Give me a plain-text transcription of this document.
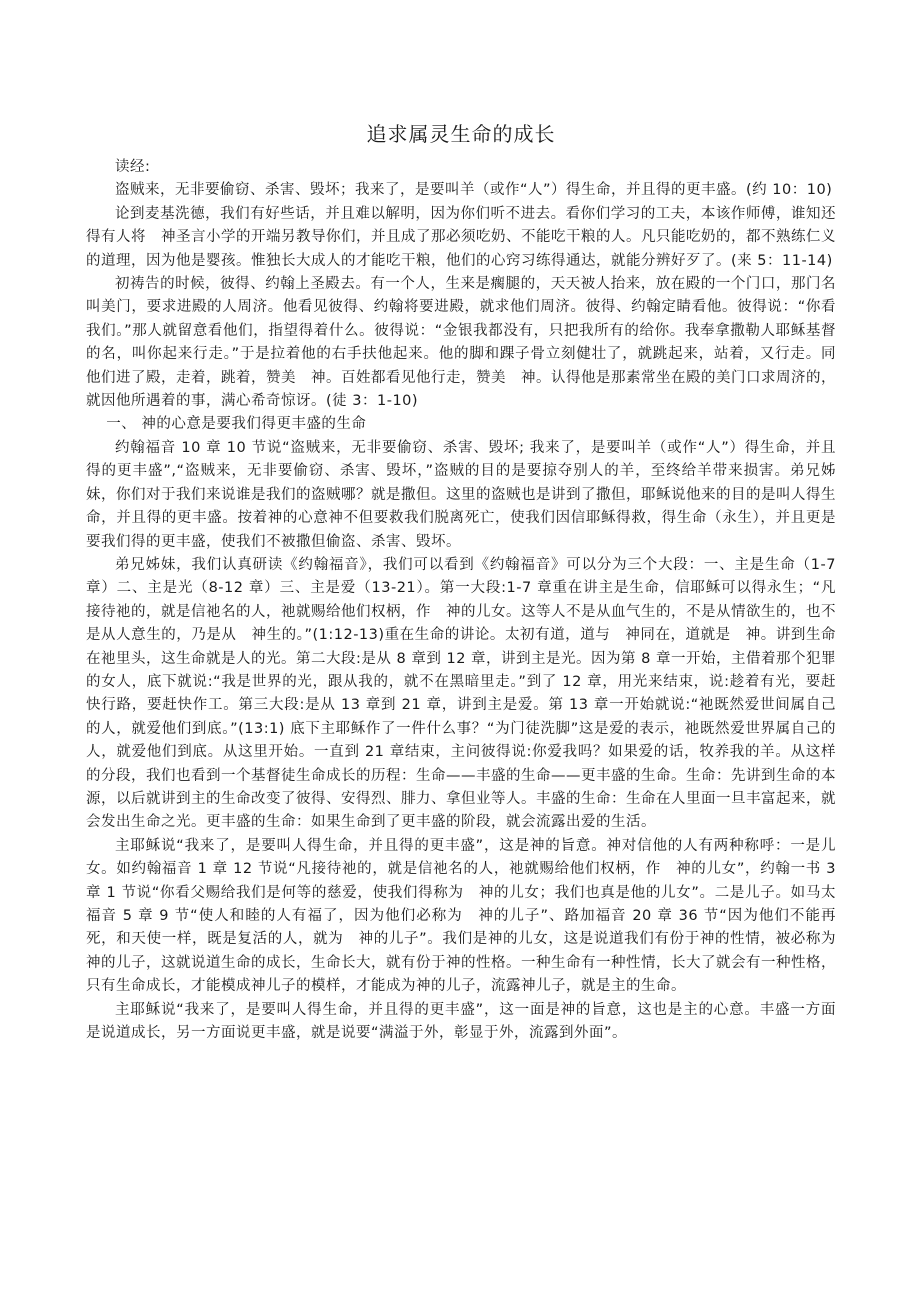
追求属灵生命的成长

读经:

盗贼来，无非要偷窃、杀害、毁坏；我来了，是要叫羊（或作“人”）得生命，并且得的更丰盛。(约 10：10)

论到麦基洗德，我们有好些话，并且难以解明，因为你们听不进去。看你们学习的工夫，本该作师傅，谁知还得有人将　神圣言小学的开端另教导你们，并且成了那必须吃奶、不能吃干粮的人。凡只能吃奶的，都不熟练仁义的道理，因为他是婴孩。惟独长大成人的才能吃干粮，他们的心窍习练得通达，就能分辨好歹了。(来 5：11-14)

初祷告的时候，彼得、约翰上圣殿去。有一个人，生来是瘸腿的，天天被人抬来，放在殿的一个门口，那门名叫美门，要求进殿的人周济。他看见彼得、约翰将要进殿，就求他们周济。彼得、约翰定睛看他。彼得说：“你看我们。”那人就留意看他们，指望得着什么。彼得说：“金银我都没有，只把我所有的给你。我奉拿撒勒人耶稣基督的名，叫你起来行走。”于是拉着他的右手扶他起来。他的脚和踝子骨立刻健壮了，就跳起来，站着，又行走。同他们进了殿，走着，跳着，赞美　神。百姓都看见他行走，赞美　神。认得他是那素常坐在殿的美门口求周济的，就因他所遇着的事，满心希奇惊讶。(徒 3：1-10)

一、 神的心意是要我们得更丰盛的生命

约翰福音 10 章 10 节说“盗贼来，无非要偷窃、杀害、毁坏; 我来了，是要叫羊（或作“人”）得生命，并且得的更丰盛”,“盗贼来，无非要偷窃、杀害、毁坏，”盗贼的目的是要掠夺别人的羊，至终给羊带来损害。弟兄姊妹，你们对于我们来说谁是我们的盗贼哪？就是撒但。这里的盗贼也是讲到了撒但，耶稣说他来的目的是叫人得生命，并且得的更丰盛。按着神的心意神不但要救我们脱离死亡，使我们因信耶稣得救，得生命（永生），并且更是要我们得的更丰盛，使我们不被撒但偷盗、杀害、毁坏。

弟兄姊妹，我们认真研读《约翰福音》，我们可以看到《约翰福音》可以分为三个大段：一、主是生命（1-7 章）二、主是光（8-12 章）三、主是爱（13-21）。第一大段:1-7 章重在讲主是生命，信耶稣可以得永生；“凡接待祂的，就是信祂名的人，祂就赐给他们权柄，作　神的儿女。这等人不是从血气生的，不是从情欲生的，也不是从人意生的，乃是从　神生的。”(1:12-13)重在生命的讲论。太初有道，道与　神同在，道就是　神。讲到生命在祂里头，这生命就是人的光。第二大段:是从 8 章到 12 章，讲到主是光。因为第 8 章一开始，主借着那个犯罪的女人，底下就说:“我是世界的光，跟从我的，就不在黑暗里走。”到了 12 章，用光来结束，说:趁着有光，要赶快行路，要赶快作工。第三大段:是从 13 章到 21 章，讲到主是爱。第 13 章一开始就说:“祂既然爱世间属自己的人，就爱他们到底。”(13:1) 底下主耶稣作了一件什么事？“为门徒洗脚”这是爱的表示，祂既然爱世界属自己的人，就爱他们到底。从这里开始。一直到 21 章结束，主问彼得说:你爱我吗？如果爱的话，牧养我的羊。从这样的分段，我们也看到一个基督徒生命成长的历程：生命——丰盛的生命——更丰盛的生命。生命：先讲到生命的本源，以后就讲到主的生命改变了彼得、安得烈、腓力、拿但业等人。丰盛的生命：生命在人里面一旦丰富起来，就会发出生命之光。更丰盛的生命：如果生命到了更丰盛的阶段，就会流露出爱的生活。

主耶稣说“我来了，是要叫人得生命，并且得的更丰盛”，这是神的旨意。神对信他的人有两种称呼：一是儿女。如约翰福音 1 章 12 节说“凡接待祂的，就是信祂名的人，祂就赐给他们权柄，作　神的儿女”，约翰一书 3 章 1 节说“你看父赐给我们是何等的慈爱，使我们得称为　神的儿女；我们也真是他的儿女”。二是儿子。如马太福音 5 章 9 节“使人和睦的人有福了，因为他们必称为　神的儿子”、路加福音 20 章 36 节“因为他们不能再死，和天使一样，既是复活的人，就为　神的儿子”。我们是神的儿女，这是说道我们有份于神的性情，被必称为　神的儿子，这就说道生命的成长，生命长大，就有份于神的性格。一种生命有一种性情，长大了就会有一种性格，只有生命成长，才能模成神儿子的模样，才能成为神的儿子，流露神儿子，就是主的生命。

主耶稣说“我来了，是要叫人得生命，并且得的更丰盛”，这一面是神的旨意，这也是主的心意。丰盛一方面是说道成长，另一方面说更丰盛，就是说要“满溢于外，彰显于外，流露到外面”。
